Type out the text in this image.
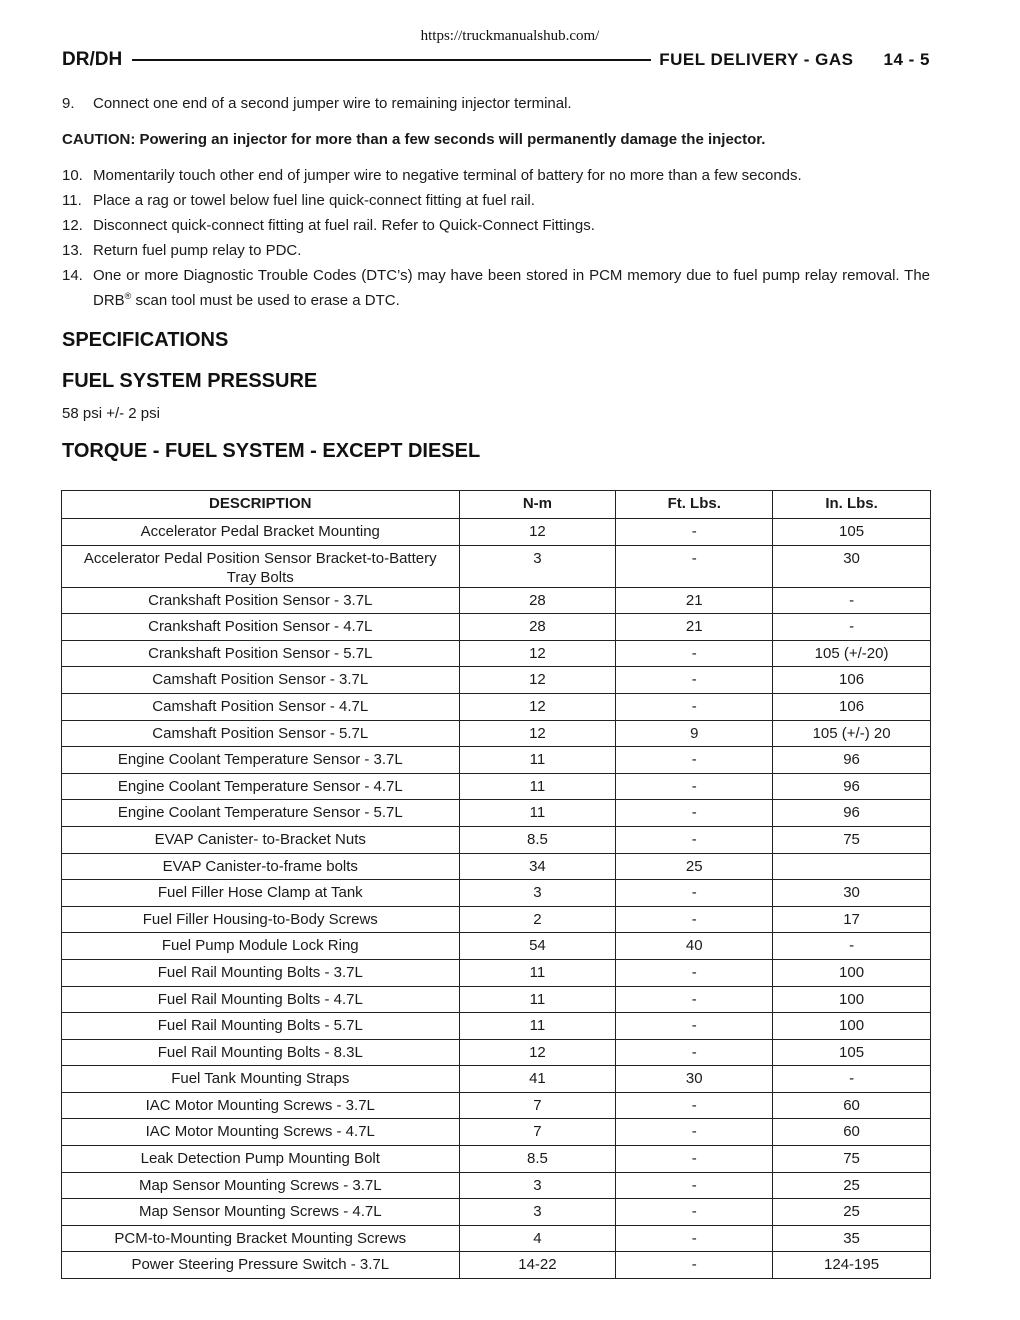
https://truckmanualshub.com/
DR/DH	FUEL DELIVERY - GAS 14 - 5
9.	Connect one end of a second jumper wire to remaining injector terminal.
CAUTION: Powering an injector for more than a few seconds will permanently damage the injector.
10. Momentarily touch other end of jumper wire to negative terminal of battery for no more than a few seconds.
11. Place a rag or towel below fuel line quick-connect fitting at fuel rail.
12. Disconnect quick-connect fitting at fuel rail. Refer to Quick-Connect Fittings.
13. Return fuel pump relay to PDC.
14. One or more Diagnostic Trouble Codes (DTC’s) may have been stored in PCM memory due to fuel pump relay removal. The DRB® scan tool must be used to erase a DTC.
SPECIFICATIONS
FUEL SYSTEM PRESSURE
58 psi +/- 2 psi
TORQUE - FUEL SYSTEM - EXCEPT DIESEL
DESCRIPTION	N-m	Ft. Lbs.	In. Lbs.
Accelerator Pedal Bracket Mounting	12	-	105
Accelerator Pedal Position Sensor Bracket-to-Battery Tray Bolts	3	-	30
Crankshaft Position Sensor - 3.7L	28	21	-
Crankshaft Position Sensor - 4.7L	28	21	-
Crankshaft Position Sensor - 5.7L	12	-	105 (+/-20)
Camshaft Position Sensor - 3.7L	12	-	106
Camshaft Position Sensor - 4.7L	12	-	106
Camshaft Position Sensor - 5.7L	12	9	105 (+/-) 20
Engine Coolant Temperature Sensor - 3.7L	11	-	96
Engine Coolant Temperature Sensor - 4.7L	11	-	96
Engine Coolant Temperature Sensor - 5.7L	11	-	96
EVAP Canister- to-Bracket Nuts	8.5	-	75
EVAP Canister-to-frame bolts	34	25	
Fuel Filler Hose Clamp at Tank	3	-	30
Fuel Filler Housing-to-Body Screws	2	-	17
Fuel Pump Module Lock Ring	54	40	-
Fuel Rail Mounting Bolts - 3.7L	11	-	100
Fuel Rail Mounting Bolts - 4.7L	11	-	100
Fuel Rail Mounting Bolts - 5.7L	11	-	100
Fuel Rail Mounting Bolts - 8.3L	12	-	105
Fuel Tank Mounting Straps	41	30	-
IAC Motor Mounting Screws - 3.7L	7	-	60
IAC Motor Mounting Screws - 4.7L	7	-	60
Leak Detection Pump Mounting Bolt	8.5	-	75
Map Sensor Mounting Screws - 3.7L	3	-	25
Map Sensor Mounting Screws - 4.7L	3	-	25
PCM-to-Mounting Bracket Mounting Screws	4	-	35
Power Steering Pressure Switch - 3.7L	14-22	-	124-195
